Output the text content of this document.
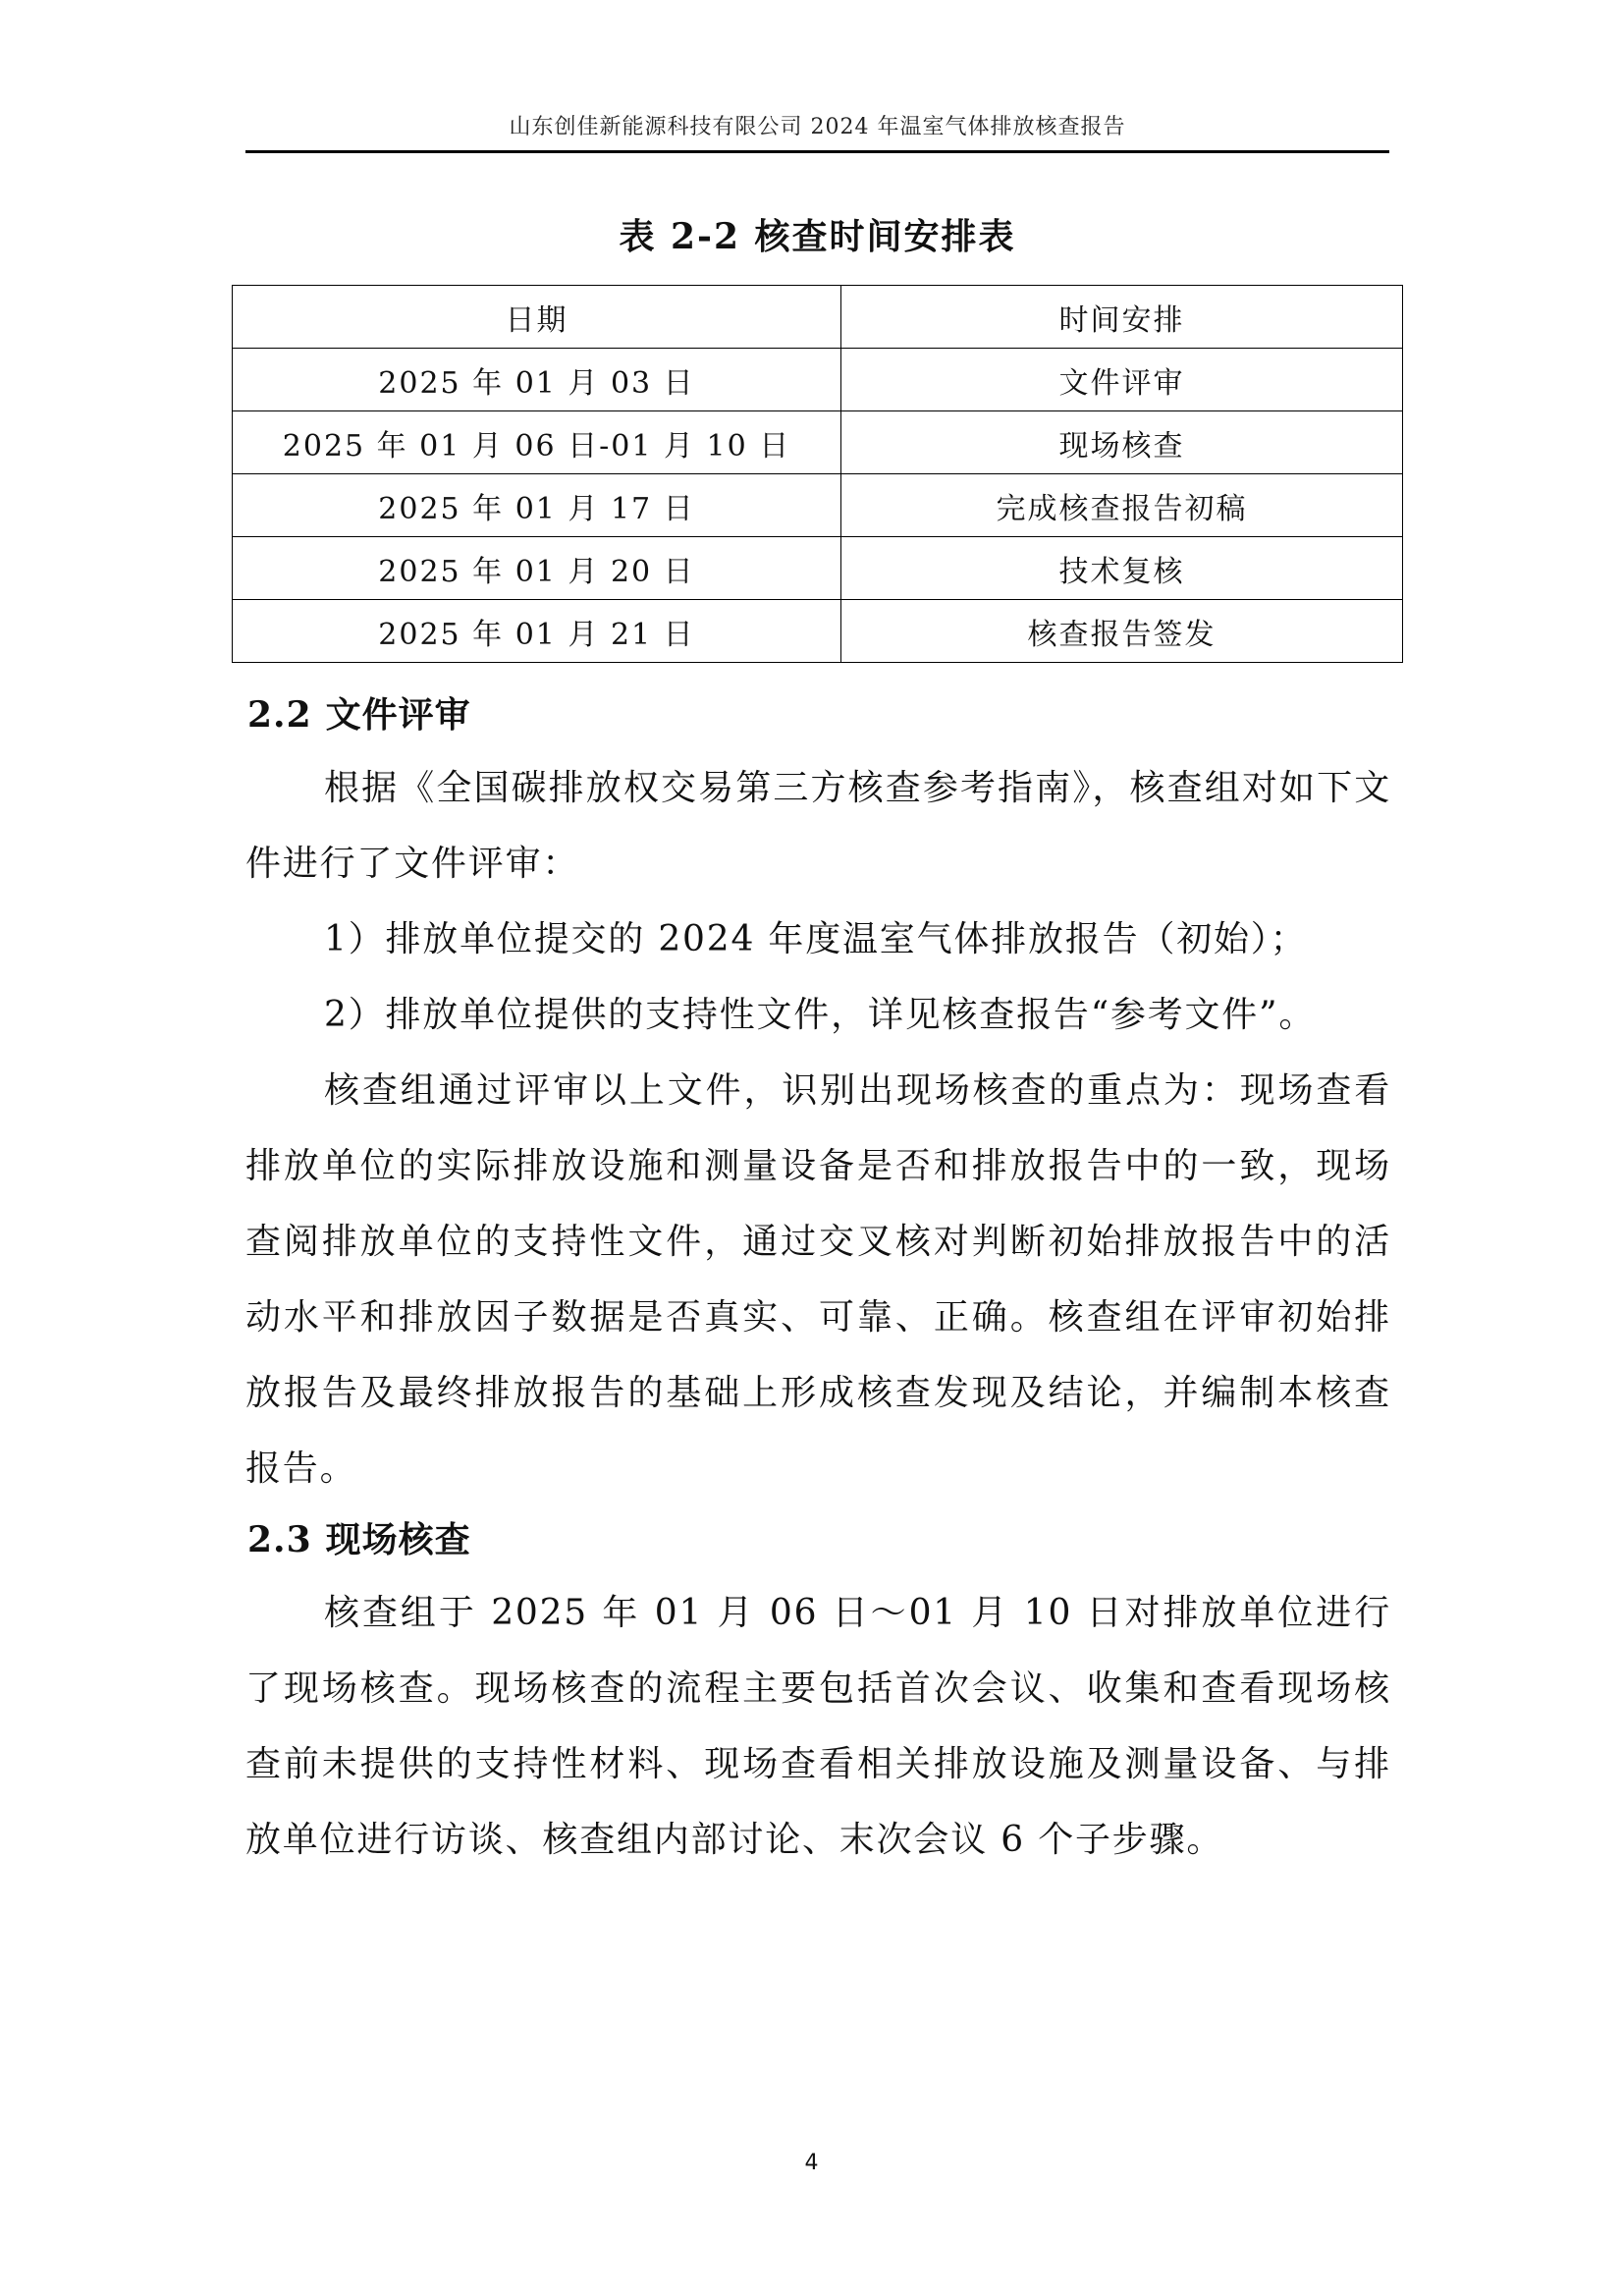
山东创佳新能源科技有限公司 2024 年温室气体排放核查报告
表 2-2 核查时间安排表
日期	时间安排
2025 年 01 月 03 日	文件评审
2025 年 01 月 06 日-01 月 10 日	现场核查
2025 年 01 月 17 日	完成核查报告初稿
2025 年 01 月 20 日	技术复核
2025 年 01 月 21 日	核查报告签发
2.2 文件评审

根据《全国碳排放权交易第三方核查参考指南》，核查组对如下文件进行了文件评审：

1）排放单位提交的 2024 年度温室气体排放报告（初始）；

2）排放单位提供的支持性文件，详见核查报告“参考文件”。

核查组通过评审以上文件，识别出现场核查的重点为：现场查看排放单位的实际排放设施和测量设备是否和排放报告中的一致，现场查阅排放单位的支持性文件，通过交叉核对判断初始排放报告中的活动水平和排放因子数据是否真实、可靠、正确。核查组在评审初始排放报告及最终排放报告的基础上形成核查发现及结论，并编制本核查报告。

2.3 现场核查

核查组于 2025 年 01 月 06 日～01 月 10 日对排放单位进行了现场核查。现场核查的流程主要包括首次会议、收集和查看现场核查前未提供的支持性材料、现场查看相关排放设施及测量设备、与排放单位进行访谈、核查组内部讨论、末次会议 6 个子步骤。

4
